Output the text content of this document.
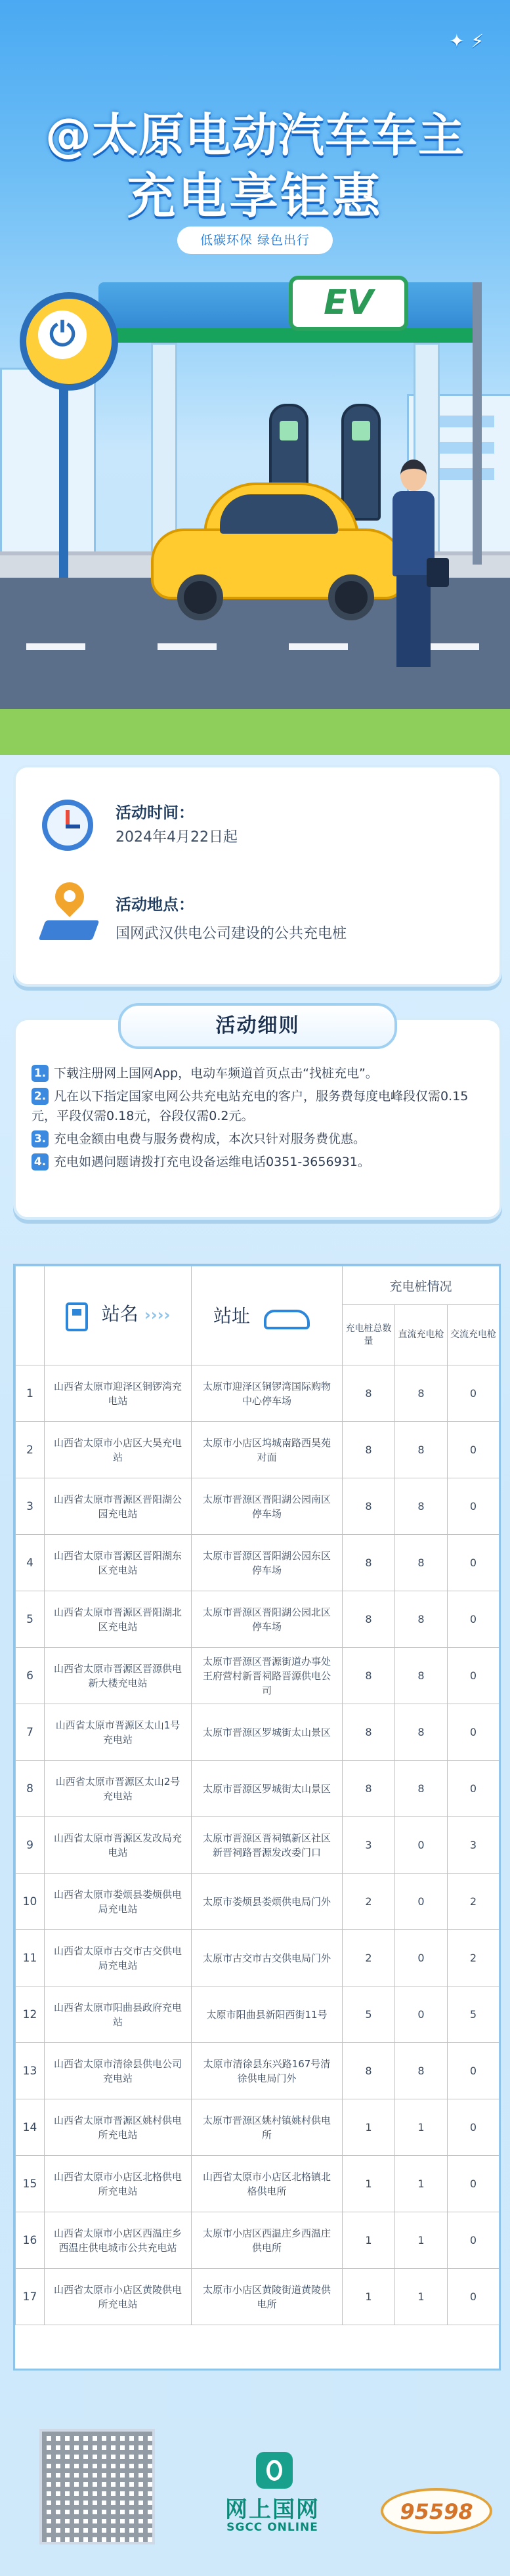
✦ ⚡
@太原电动汽车车主
充电享钜惠
低碳环保 绿色出行
EV
⏻
活动时间：
2024年4月22日起
活动地点：
国网武汉供电公司建设的公共充电桩
活动细则
1. 下载注册网上国网App，电动车频道首页点击“找桩充电”。
2. 凡在以下指定国家电网公共充电站充电的客户，服务费每度电峰段仅需0.15元，平段仅需0.18元，谷段仅需0.2元。
3. 充电金额由电费与服务费构成，本次只针对服务费优惠。
4. 充电如遇问题请拨打充电设备运维电话0351-3656931。
	站名 ››››	站址	充电桩情况		
			充电桩总数量	直流充电枪	交流充电枪
1	山西省太原市迎泽区铜锣湾充电站	太原市迎泽区铜锣湾国际购物中心停车场	8	8	0
2	山西省太原市小店区大昊充电站	太原市小店区坞城南路西昊苑对面	8	8	0
3	山西省太原市晋源区晋阳湖公园充电站	太原市晋源区晋阳湖公园南区停车场	8	8	0
4	山西省太原市晋源区晋阳湖东区充电站	太原市晋源区晋阳湖公园东区停车场	8	8	0
5	山西省太原市晋源区晋阳湖北区充电站	太原市晋源区晋阳湖公园北区停车场	8	8	0
6	山西省太原市晋源区晋源供电新大楼充电站	太原市晋源区晋源街道办事处王府营村新晋祠路晋源供电公司	8	8	0
7	山西省太原市晋源区太山1号充电站	太原市晋源区罗城街太山景区	8	8	0
8	山西省太原市晋源区太山2号充电站	太原市晋源区罗城街太山景区	8	8	0
9	山西省太原市晋源区发改局充电站	太原市晋源区晋祠镇新区社区新晋祠路晋源发改委门口	3	0	3
10	山西省太原市娄烦县娄烦供电局充电站	太原市娄烦县娄烦供电局门外	2	0	2
11	山西省太原市古交市古交供电局充电站	太原市古交市古交供电局门外	2	0	2
12	山西省太原市阳曲县政府充电站	太原市阳曲县新阳西街11号	5	0	5
13	山西省太原市清徐县供电公司充电站	太原市清徐县东兴路167号清徐供电局门外	8	8	0
14	山西省太原市晋源区姚村供电所充电站	太原市晋源区姚村镇姚村供电所	1	1	0
15	山西省太原市小店区北格供电所充电站	山西省太原市小店区北格镇北格供电所	1	1	0
16	山西省太原市小店区西温庄乡西温庄供电城市公共充电站	太原市小店区西温庄乡西温庄供电所	1	1	0
17	山西省太原市小店区黄陵供电所充电站	太原市小店区黄陵街道黄陵供电所	1	1	0
网上国网
SGCC ONLINE
95598
